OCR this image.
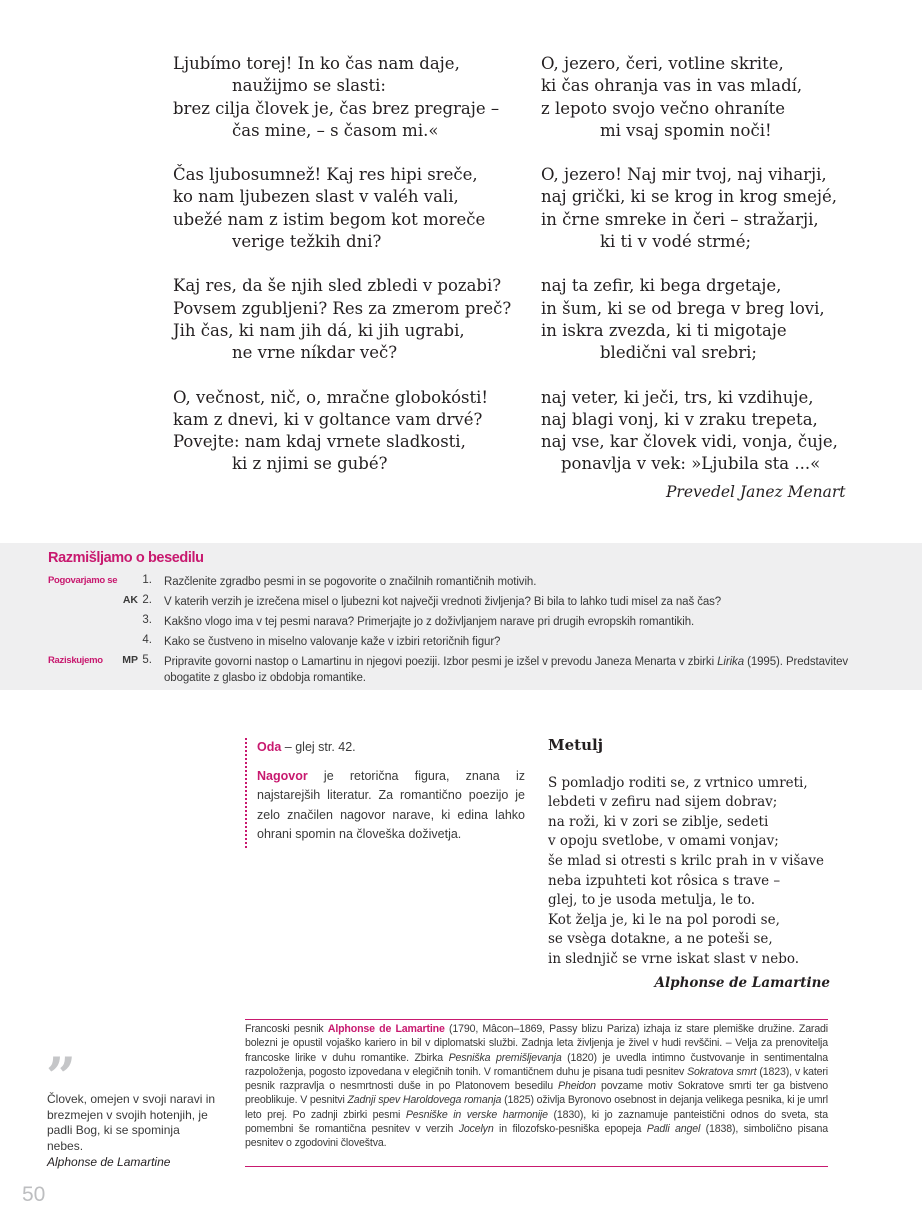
Ljubímo torej! In ko čas nam daje,
naužijmo se slasti:
brez cilja človek je, čas brez pregraje –
čas mine, – s časom mi.«
Čas ljubosumnež! Kaj res hipi sreče,
ko nam ljubezen slast v valéh vali,
ubežé nam z istim begom kot moreče
verige težkih dni?
Kaj res, da še njih sled zbledi v pozabi?
Povsem zgubljeni? Res za zmerom preč?
Jih čas, ki nam jih dá, ki jih ugrabi,
ne vrne níkdar več?
O, večnost, nič, o, mračne globokósti!
kam z dnevi, ki v goltance vam drvé?
Povejte: nam kdaj vrnete sladkosti,
ki z njimi se gubé?
O, jezero, čeri, votline skrite,
ki čas ohranja vas in vas mladí,
z lepoto svojo večno ohraníte
mi vsaj spomin noči!
O, jezero! Naj mir tvoj, naj viharji,
naj grički, ki se krog in krog smejé,
in črne smreke in čeri – stražarji,
ki ti v vodé strmé;
naj ta zefir, ki bega drgetaje,
in šum, ki se od brega v breg lovi,
in iskra zvezda, ki ti migotaje
bledični val srebri;
naj veter, ki ječi, trs, ki vzdihuje,
naj blagi vonj, ki v zraku trepeta,
naj vse, kar človek vidi, vonja, čuje,
ponavlja v vek: »Ljubila sta ...«
Prevedel Janez Menart
Razmišljamo o besedilu
Pogovarjamo se
Raziskujemo
1. Razčlenite zgradbo pesmi in se pogovorite o značilnih romantičnih motivih.
AK 2. V katerih verzih je izrečena misel o ljubezni kot največji vrednoti življenja? Bi bila to lahko tudi misel za naš čas?
3. Kakšno vlogo ima v tej pesmi narava? Primerjajte jo z doživljanjem narave pri drugih evropskih romantikih.
4. Kako se čustveno in miselno valovanje kaže v izbiri retoričnih figur?
MP 5. Pripravite govorni nastop o Lamartinu in njegovi poeziji. Izbor pesmi je izšel v prevodu Janeza Menarta v zbirki Lirika (1995). Predstavitev obogatite z glasbo iz obdobja romantike.

Oda – glej str. 42.

Nagovor je retorična figura, znana iz najstarejših literatur. Za romantično poezijo je zelo značilen nagovor narave, ki edina lahko ohrani spomin na človeška doživetja.

Metulj
S pomladjo roditi se, z vrtnico umreti,
lebdeti v zefiru nad sijem dobrav;
na roži, ki v zori se ziblje, sedeti
v opoju svetlobe, v omami vonjav;
še mlad si otresti s krilc prah in v višave
neba izpuhteti kot rôsica s trave –
glej, to je usoda metulja, le to.
Kot želja je, ki le na pol porodi se,
se vsèga dotakne, a ne poteši se,
in slednjič se vrne iskat slast v nebo.
Alphonse de Lamartine
Francoski pesnik Alphonse de Lamartine (1790, Mâcon–1869, Passy blizu Pariza) izhaja iz stare plemiške družine. Zaradi bolezni je opustil vojaško kariero in bil v diplomatski službi. Zadnja leta življenja je živel v hudi revščini. – Velja za prenovitelja francoske lirike v duhu romantike. Zbirka Pesniška premišljevanja (1820) je uvedla intimno čustvovanje in sentimentalna razpoloženja, pogosto izpovedana v elegičnih tonih. V romantičnem duhu je pisana tudi pesnitev Sokratova smrt (1823), v kateri pesnik razpravlja o nesmrtnosti duše in po Platonovem besedilu Pheidon povzame motiv Sokratove smrti ter ga bistveno preoblikuje. V pesnitvi Zadnji spev Haroldovega romanja (1825) oživlja Byronovo osebnost in dejanja velikega pesnika, ki je umrl leto prej. Po zadnji zbirki pesmi Pesniške in verske harmonije (1830), ki jo zaznamuje panteistični odnos do sveta, sta pomembni še romantična pesnitev v verzih Jocelyn in filozofsko-pesniška epopeja Padli angel (1838), simbolično pisana pesnitev o zgodovini človeštva.
”
Človek, omejen v svoji naravi in brezmejen v svojih hotenjih, je padli Bog, ki se spominja nebes.
Alphonse de Lamartine
50
